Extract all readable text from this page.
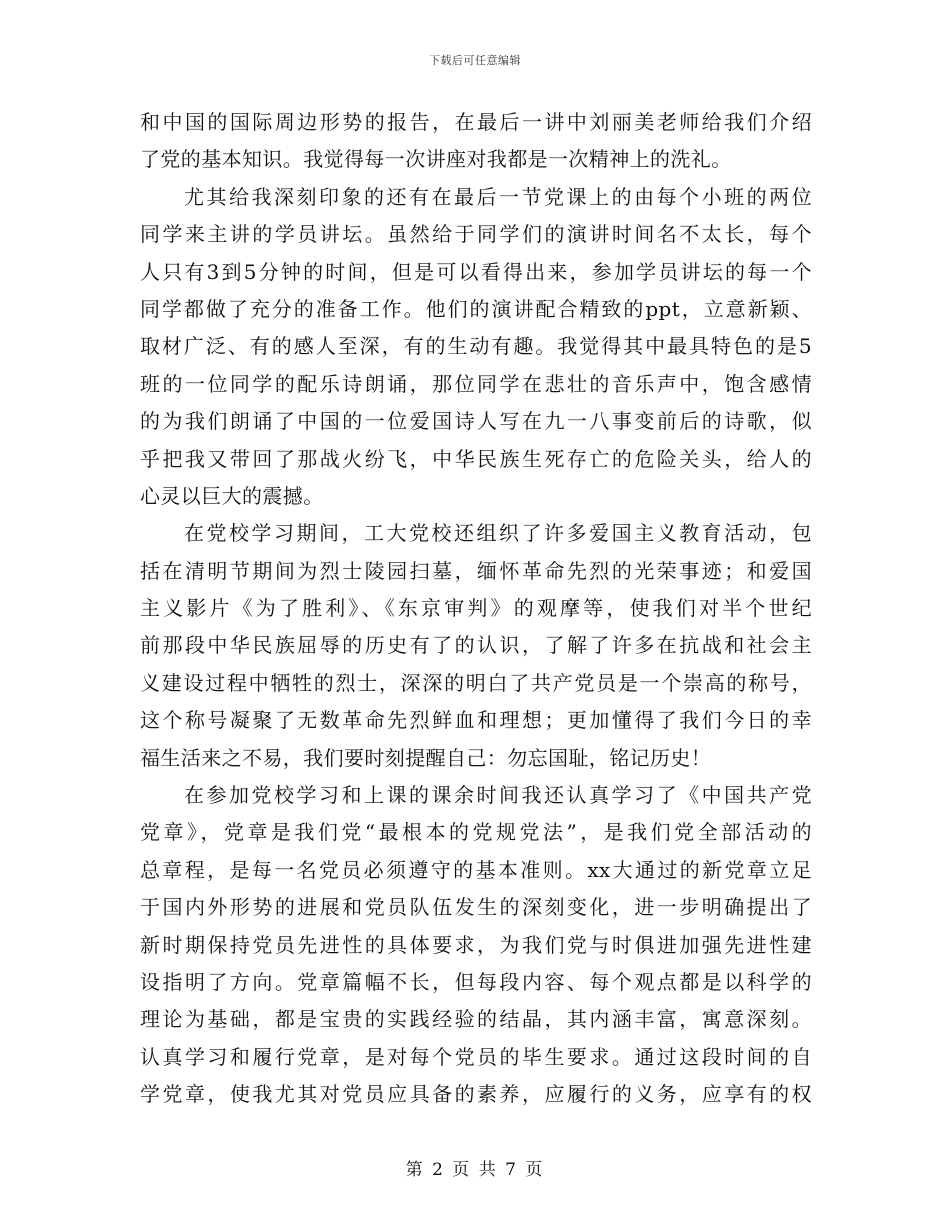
下载后可任意编辑
和中国的国际周边形势的报告，在最后一讲中刘丽美老师给我们介绍
了党的基本知识。我觉得每一次讲座对我都是一次精神上的洗礼。
尤其给我深刻印象的还有在最后一节党课上的由每个小班的两位
同学来主讲的学员讲坛。虽然给于同学们的演讲时间名不太长，每个
人只有3到5分钟的时间，但是可以看得出来，参加学员讲坛的每一个
同学都做了充分的准备工作。他们的演讲配合精致的ppt，立意新颖、
取材广泛、有的感人至深，有的生动有趣。我觉得其中最具特色的是5
班的一位同学的配乐诗朗诵，那位同学在悲壮的音乐声中，饱含感情
的为我们朗诵了中国的一位爱国诗人写在九一八事变前后的诗歌，似
乎把我又带回了那战火纷飞，中华民族生死存亡的危险关头，给人的
心灵以巨大的震撼。
在党校学习期间，工大党校还组织了许多爱国主义教育活动，包
括在清明节期间为烈士陵园扫墓，缅怀革命先烈的光荣事迹；和爱国
主义影片《为了胜利》、《东京审判》的观摩等，使我们对半个世纪
前那段中华民族屈辱的历史有了的认识，了解了许多在抗战和社会主
义建设过程中牺牲的烈士，深深的明白了共产党员是一个崇高的称号，
这个称号凝聚了无数革命先烈鲜血和理想；更加懂得了我们今日的幸
福生活来之不易，我们要时刻提醒自己：勿忘国耻，铭记历史！
在参加党校学习和上课的课余时间我还认真学习了《中国共产党
党章》，党章是我们党“最根本的党规党法”，是我们党全部活动的
总章程，是每一名党员必须遵守的基本准则。xx大通过的新党章立足
于国内外形势的进展和党员队伍发生的深刻变化，进一步明确提出了
新时期保持党员先进性的具体要求，为我们党与时俱进加强先进性建
设指明了方向。党章篇幅不长，但每段内容、每个观点都是以科学的
理论为基础，都是宝贵的实践经验的结晶，其内涵丰富，寓意深刻。
认真学习和履行党章，是对每个党员的毕生要求。通过这段时间的自
学党章，使我尤其对党员应具备的素养，应履行的义务，应享有的权
第 2 页 共 7 页
